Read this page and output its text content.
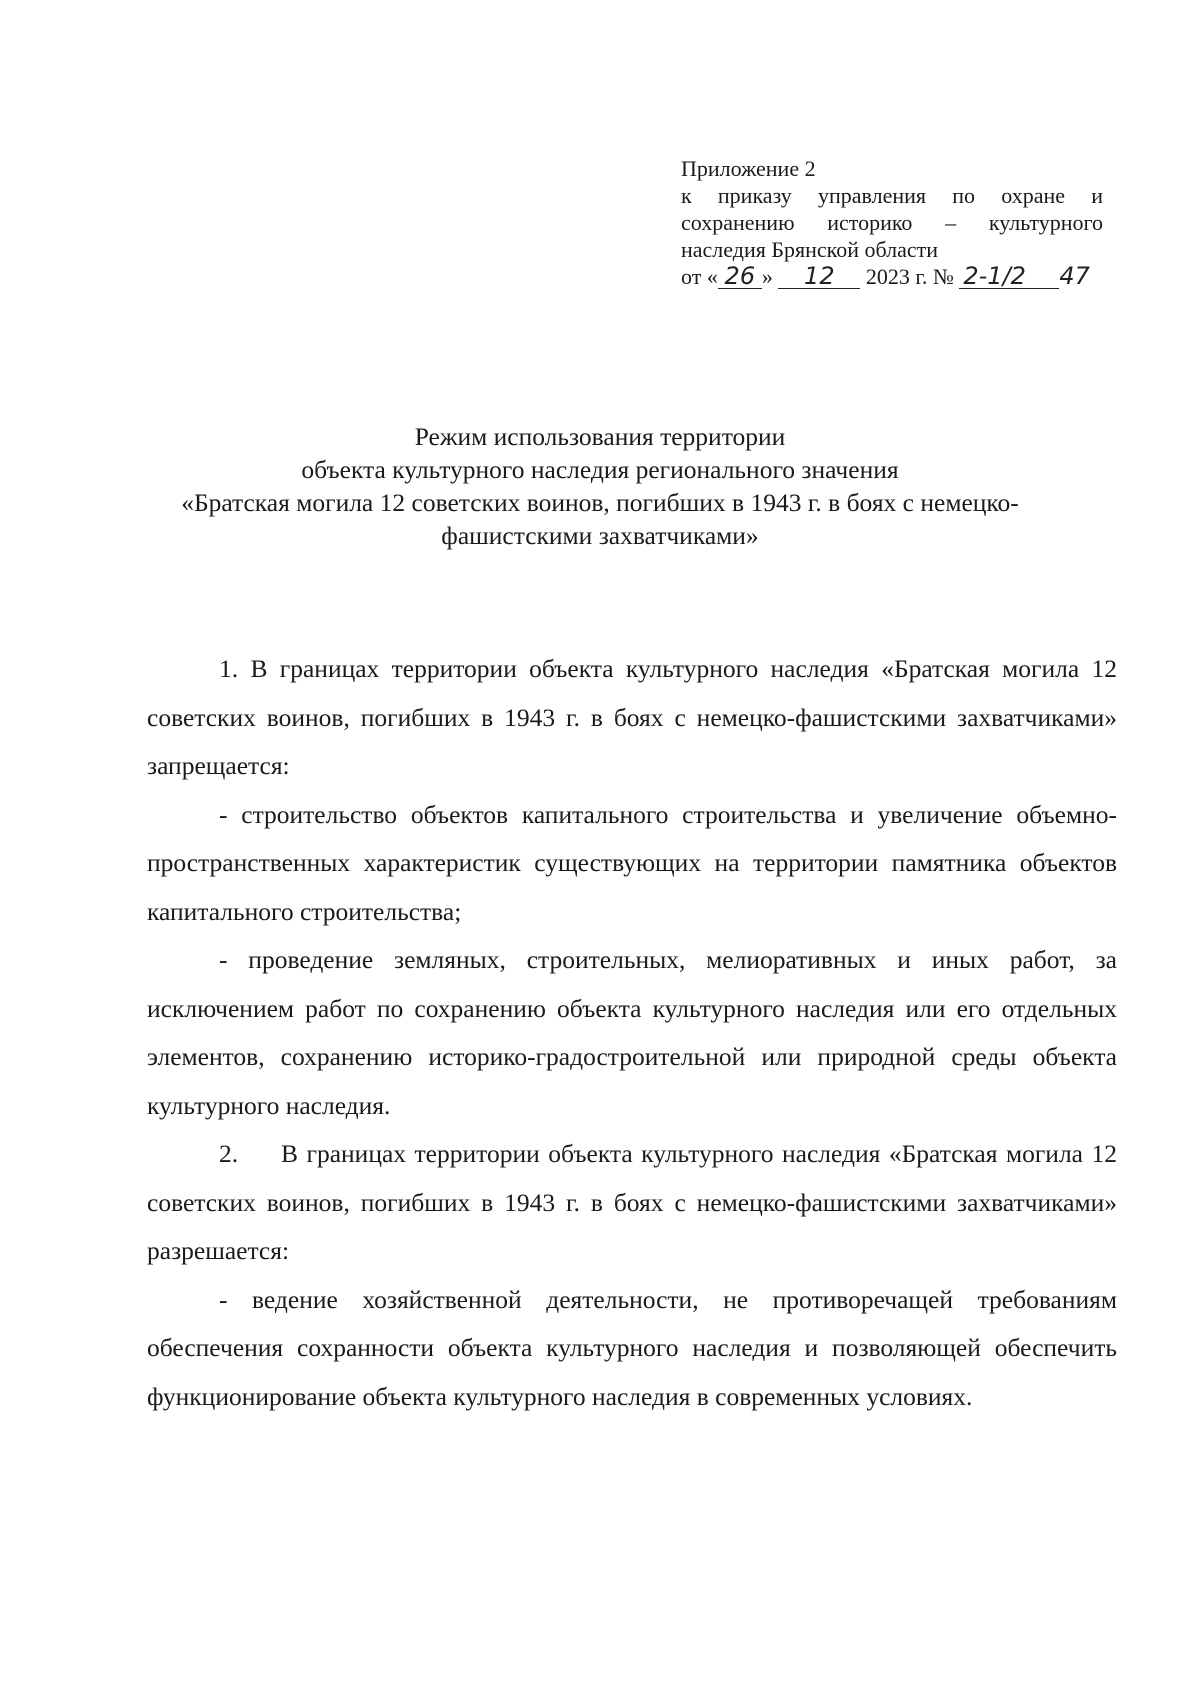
Приложение 2
к приказу управления по охране и
сохранению историко – культурного
наследия Брянской области
от « 26 » 12 2023 г. № 2-1/2 47
Режим использования территории
объекта культурного наследия регионального значения
«Братская могила 12 советских воинов, погибших в 1943 г. в боях с немецко-
фашистскими захватчиками»

1. В границах территории объекта культурного наследия «Братская могила 12 советских воинов, погибших в 1943 г. в боях с немецко-фашистскими захватчиками» запрещается:

- строительство объектов капитального строительства и увеличение объемно-пространственных характеристик существующих на территории памятника объектов капитального строительства;

- проведение земляных, строительных, мелиоративных и иных работ, за исключением работ по сохранению объекта культурного наследия или его отдельных элементов, сохранению историко-градостроительной или природной среды объекта культурного наследия.

2. В границах территории объекта культурного наследия «Братская могила 12 советских воинов, погибших в 1943 г. в боях с немецко-фашистскими захватчиками» разрешается:

- ведение хозяйственной деятельности, не противоречащей требованиям обеспечения сохранности объекта культурного наследия и позволяющей обеспечить функционирование объекта культурного наследия в современных условиях.
